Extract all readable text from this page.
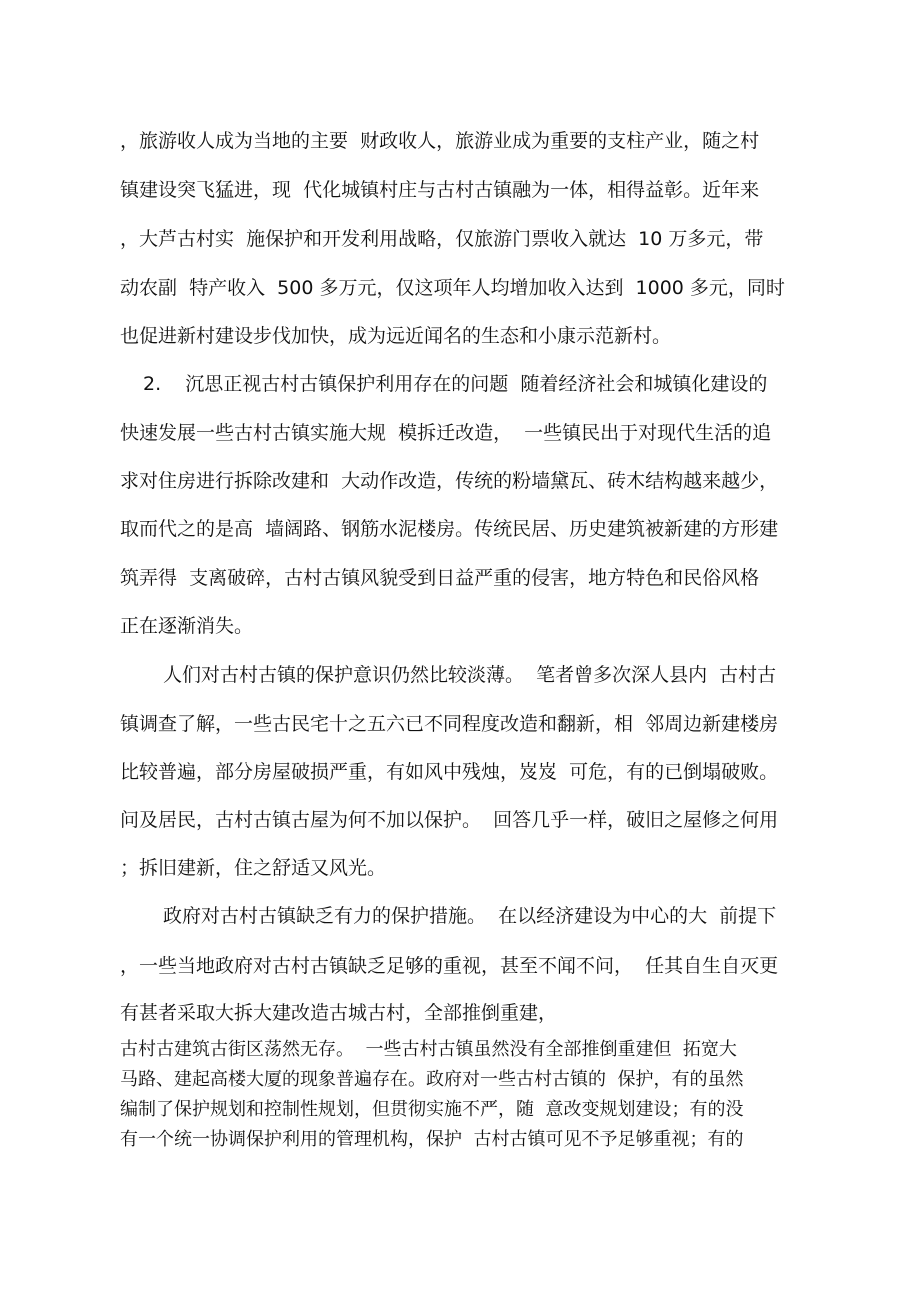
，旅游收人成为当地的主要  财政收人，旅游业成为重要的支柱产业，随之村
镇建设突飞猛进，现  代化城镇村庄与古村古镇融为一体，相得益彰。近年来
，大芦古村实  施保护和开发利用战略，仅旅游门票收入就达  10 万多元，带
动农副  特产收入  500 多万元，仅这项年人均增加收入达到  1000 多元，同时
也促进新村建设步伐加快，成为远近闻名的生态和小康示范新村。
2.    沉思正视古村古镇保护利用存在的问题  随着经济社会和城镇化建设的
快速发展一些古村古镇实施大规  模拆迁改造，  一些镇民出于对现代生活的追
求对住房进行拆除改建和  大动作改造，传统的粉墙黛瓦、砖木结构越来越少，
取而代之的是高  墙阔路、钢筋水泥楼房。传统民居、历史建筑被新建的方形建
筑弄得  支离破碎，古村古镇风貌受到日益严重的侵害，地方特色和民俗风格
正在逐渐消失。
人们对古村古镇的保护意识仍然比较淡薄。  笔者曾多次深人县内  古村古
镇调查了解，一些古民宅十之五六已不同程度改造和翻新，相  邻周边新建楼房
比较普遍，部分房屋破损严重，有如风中残烛，岌岌  可危，有的已倒塌破败。
问及居民，古村古镇古屋为何不加以保护。  回答几乎一样，破旧之屋修之何用
；拆旧建新，住之舒适又风光。
政府对古村古镇缺乏有力的保护措施。  在以经济建设为中心的大  前提下
，一些当地政府对古村古镇缺乏足够的重视，甚至不闻不问，  任其自生自灭更
有甚者采取大拆大建改造古城古村，全部推倒重建，
古村古建筑古街区荡然无存。  一些古村古镇虽然没有全部推倒重建但  拓宽大
马路、建起高楼大厦的现象普遍存在。政府对一些古村古镇的  保护，有的虽然
编制了保护规划和控制性规划，但贯彻实施不严，随  意改变规划建设；有的没
有一个统一协调保护利用的管理机构，保护  古村古镇可见不予足够重视；有的
